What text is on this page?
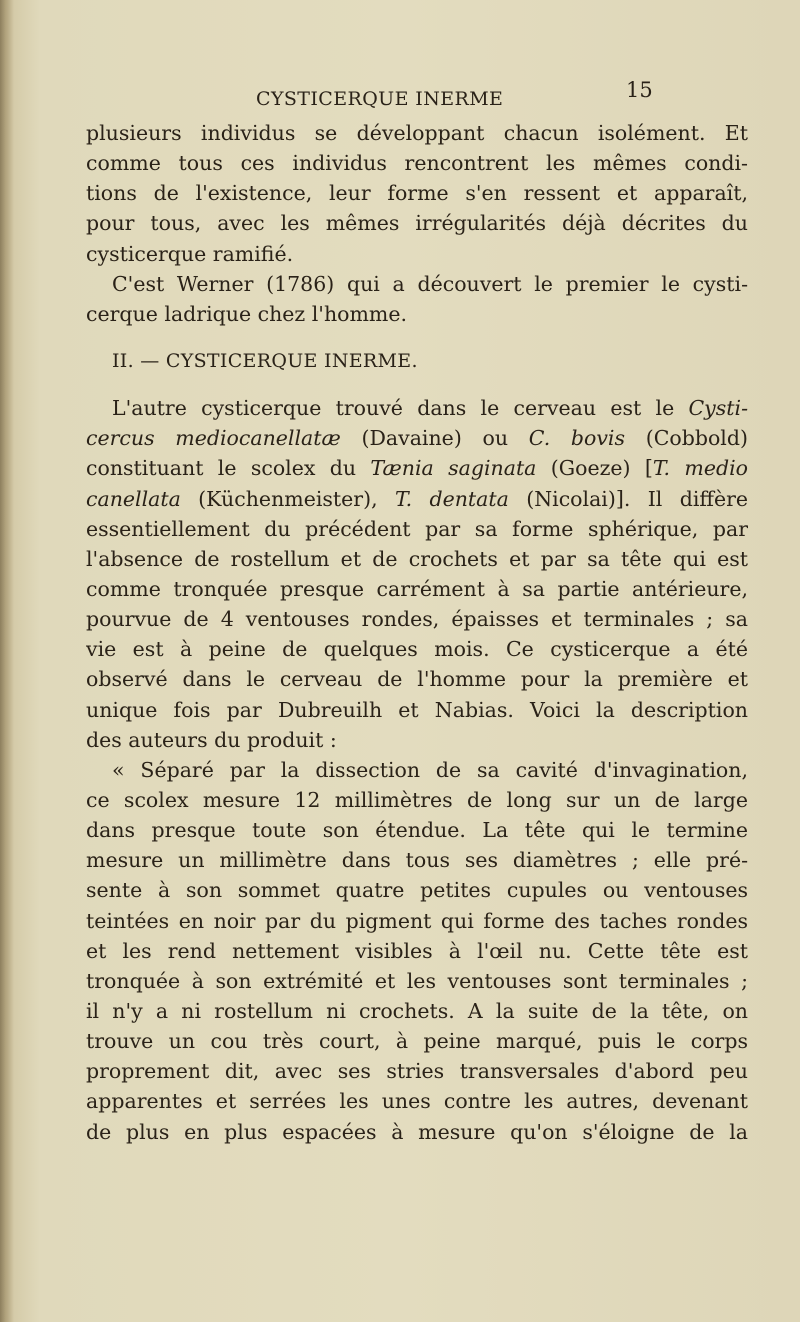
CYSTICERQUE INERME	15
plusieurs individus se développant chacun isolément. Et
comme tous ces individus rencontrent les mêmes condi-
tions de l'existence, leur forme s'en ressent et apparaît,
pour tous, avec les mêmes irrégularités déjà décrites du
cysticerque ramifié.
C'est Werner (1786) qui a découvert le premier le cysti-
cerque ladrique chez l'homme.
II. — CYSTICERQUE INERME.
L'autre cysticerque trouvé dans le cerveau est le Cysti-
cercus mediocanellatæ (Davaine) ou C. bovis (Cobbold)
constituant le scolex du Tænia saginata (Goeze) [T. medio
canellata (Küchenmeister), T. dentata (Nicolai)]. Il diffère
essentiellement du précédent par sa forme sphérique, par
l'absence de rostellum et de crochets et par sa tête qui est
comme tronquée presque carrément à sa partie antérieure,
pourvue de 4 ventouses rondes, épaisses et terminales ; sa
vie est à peine de quelques mois. Ce cysticerque a été
observé dans le cerveau de l'homme pour la première et
unique fois par Dubreuilh et Nabias. Voici la description
des auteurs du produit :
« Séparé par la dissection de sa cavité d'invagination,
ce scolex mesure 12 millimètres de long sur un de large
dans presque toute son étendue. La tête qui le termine
mesure un millimètre dans tous ses diamètres ; elle pré-
sente à son sommet quatre petites cupules ou ventouses
teintées en noir par du pigment qui forme des taches rondes
et les rend nettement visibles à l'œil nu. Cette tête est
tronquée à son extrémité et les ventouses sont terminales ;
il n'y a ni rostellum ni crochets. A la suite de la tête, on
trouve un cou très court, à peine marqué, puis le corps
proprement dit, avec ses stries transversales d'abord peu
apparentes et serrées les unes contre les autres, devenant
de plus en plus espacées à mesure qu'on s'éloigne de la
